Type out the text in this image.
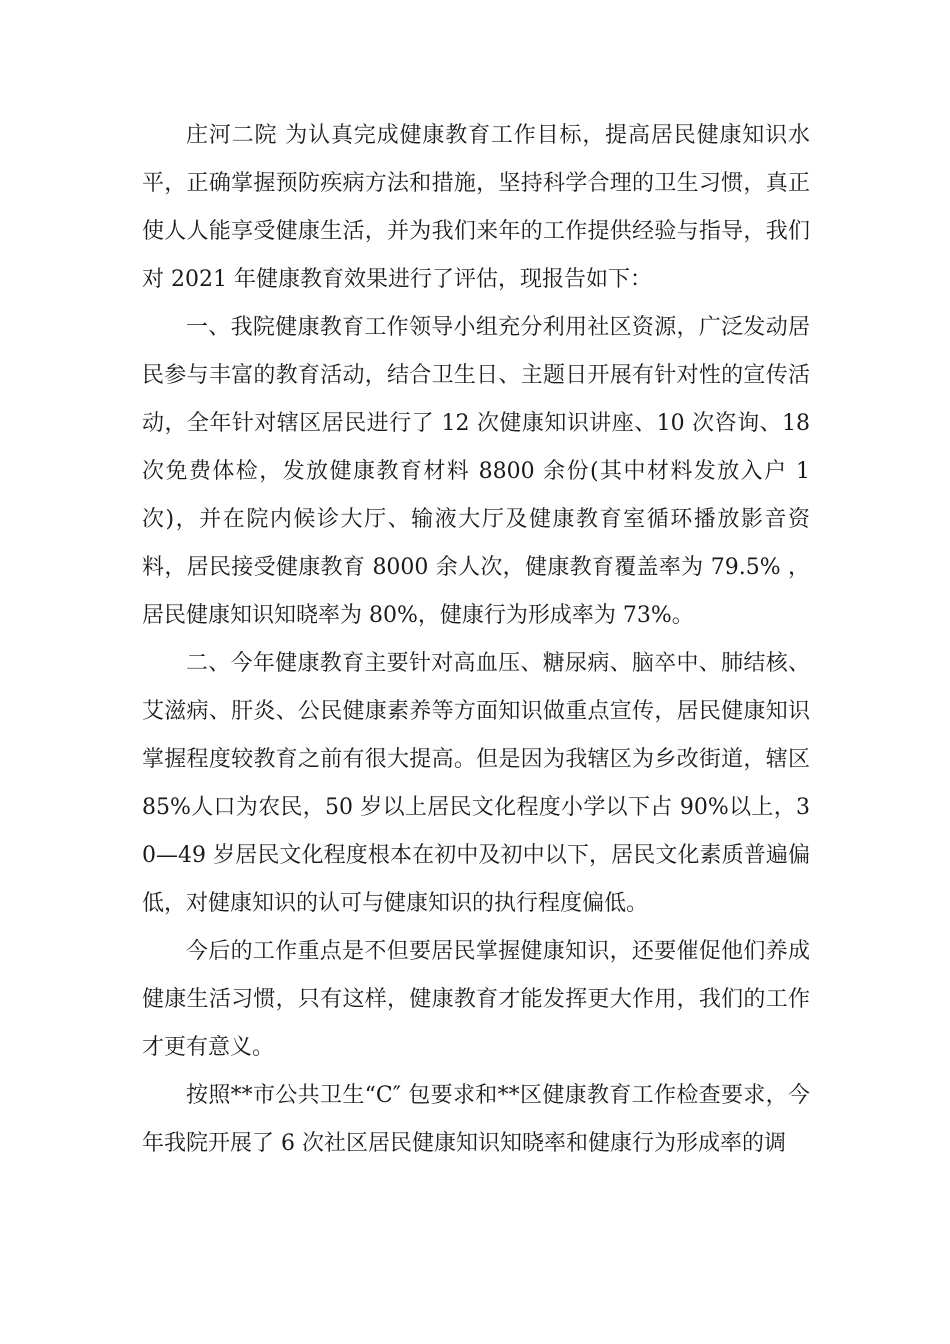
庄河二院 为认真完成健康教育工作目标，提高居民健康知识水平，正确掌握预防疾病方法和措施，坚持科学合理的卫生习惯，真正使人人能享受健康生活，并为我们来年的工作提供经验与指导，我们对 2021 年健康教育效果进行了评估，现报告如下：

一、我院健康教育工作领导小组充分利用社区资源，广泛发动居民参与丰富的教育活动，结合卫生日、主题日开展有针对性的宣传活动，全年针对辖区居民进行了 12 次健康知识讲座、10 次咨询、18 次免费体检，发放健康教育材料 8800 余份(其中材料发放入户 1 次)，并在院内候诊大厅、输液大厅及健康教育室循环播放影音资料，居民接受健康教育 8000 余人次，健康教育覆盖率为 79.5% ，居民健康知识知晓率为 80%，健康行为形成率为 73%。

二、今年健康教育主要针对高血压、糖尿病、脑卒中、肺结核、艾滋病、肝炎、公民健康素养等方面知识做重点宣传，居民健康知识掌握程度较教育之前有很大提高。但是因为我辖区为乡改街道，辖区 85%人口为农民，50 岁以上居民文化程度小学以下占 90%以上，30—49 岁居民文化程度根本在初中及初中以下，居民文化素质普遍偏低，对健康知识的认可与健康知识的执行程度偏低。

今后的工作重点是不但要居民掌握健康知识，还要催促他们养成健康生活习惯，只有这样，健康教育才能发挥更大作用，我们的工作才更有意义。

按照**市公共卫生“C″ 包要求和**区健康教育工作检查要求，今年我院开展了 6 次社区居民健康知识知晓率和健康行为形成率的调
